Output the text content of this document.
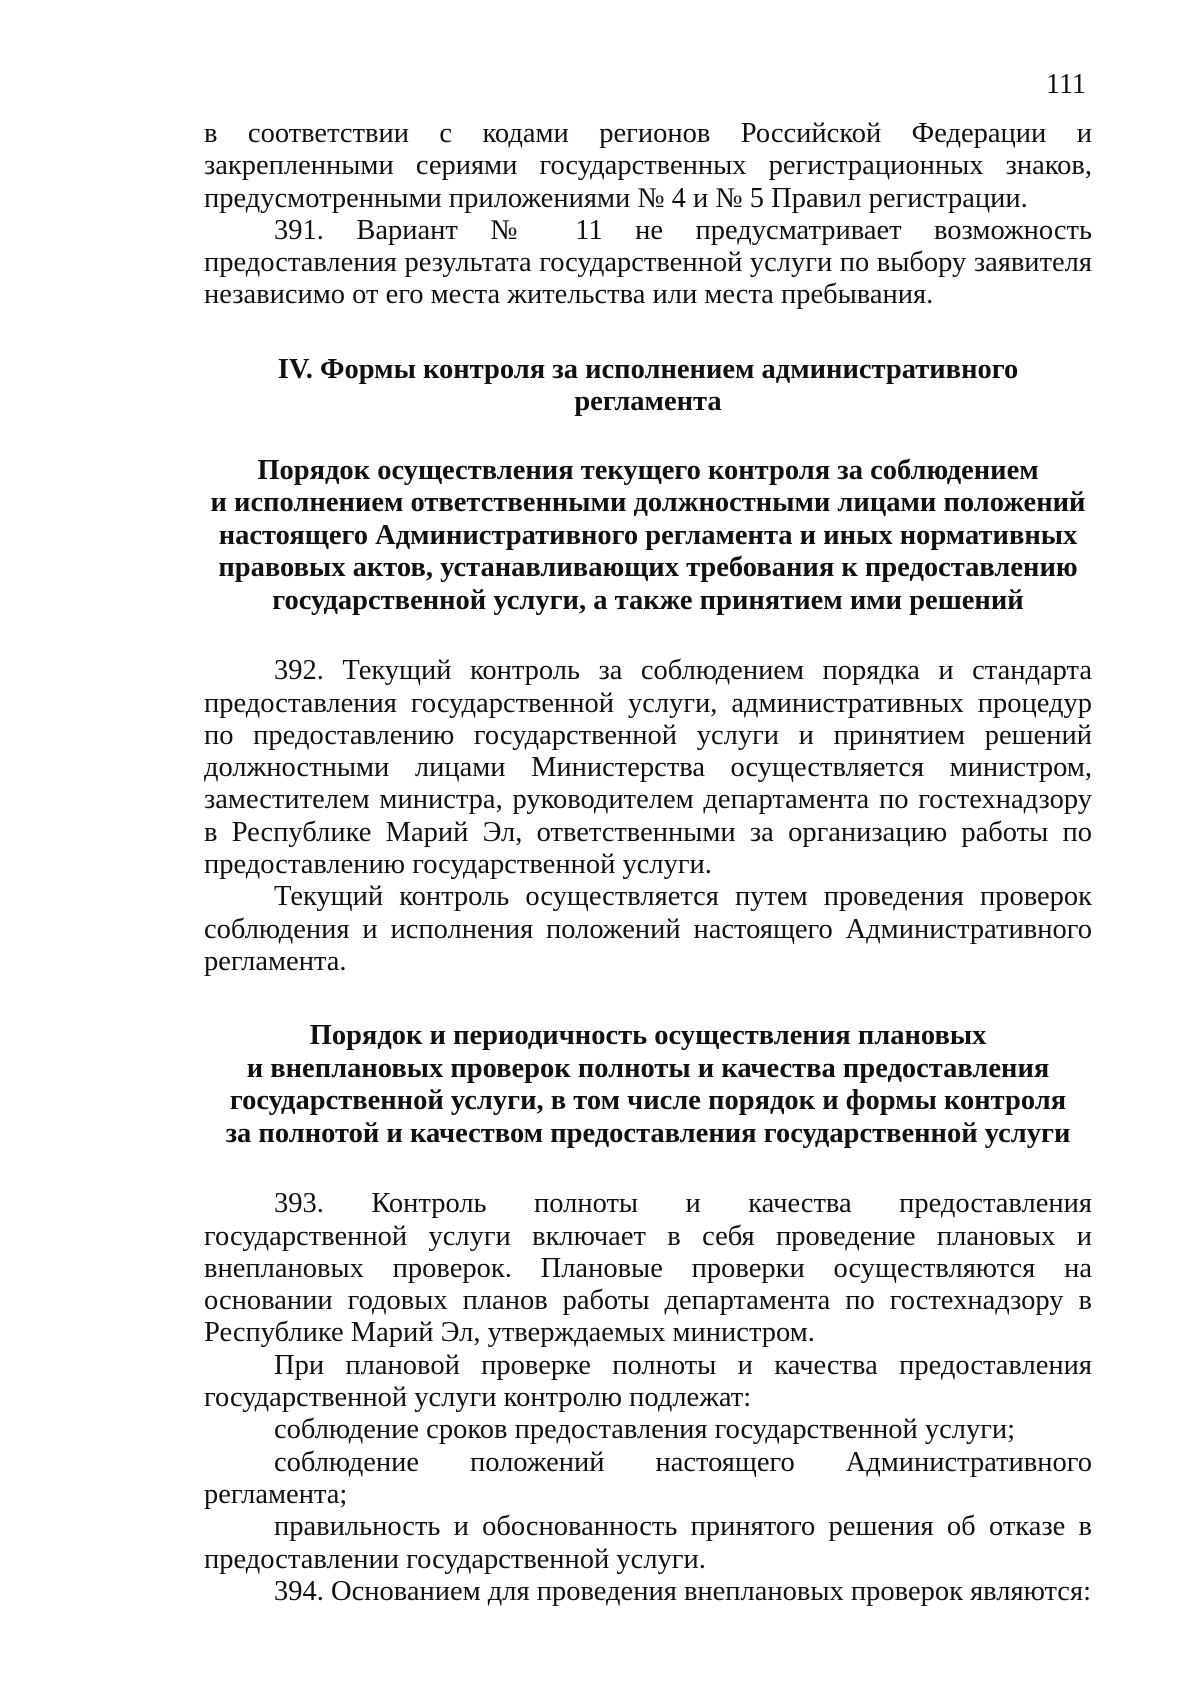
111

в соответствии с кодами регионов Российской Федерации и закрепленными сериями государственных регистрационных знаков, предусмотренными приложениями № 4 и № 5 Правил регистрации.

391. Вариант № 11 не предусматривает возможность предоставления результата государственной услуги по выбору заявителя независимо от его места жительства или места пребывания.

IV. Формы контроля за исполнением административного
регламента
Порядок осуществления текущего контроля за соблюдением
и исполнением ответственными должностными лицами положений
настоящего Административного регламента и иных нормативных
правовых актов, устанавливающих требования к предоставлению
государственной услуги, а также принятием ими решений

392. Текущий контроль за соблюдением порядка и стандарта предоставления государственной услуги, административных процедур по предоставлению государственной услуги и принятием решений должностными лицами Министерства осуществляется министром, заместителем министра, руководителем департамента по гостехнадзору в Республике Марий Эл, ответственными за организацию работы по предоставлению государственной услуги.

Текущий контроль осуществляется путем проведения проверок соблюдения и исполнения положений настоящего Административного регламента.

Порядок и периодичность осуществления плановых
и внеплановых проверок полноты и качества предоставления
государственной услуги, в том числе порядок и формы контроля
за полнотой и качеством предоставления государственной услуги

393. Контроль полноты и качества предоставления государственной услуги включает в себя проведение плановых и внеплановых проверок. Плановые проверки осуществляются на основании годовых планов работы департамента по гостехнадзору в Республике Марий Эл, утверждаемых министром.

При плановой проверке полноты и качества предоставления государственной услуги контролю подлежат:

соблюдение сроков предоставления государственной услуги;

соблюдение положений настоящего Административного регламента;

правильность и обоснованность принятого решения об отказе в предоставлении государственной услуги.

394. Основанием для проведения внеплановых проверок являются:
